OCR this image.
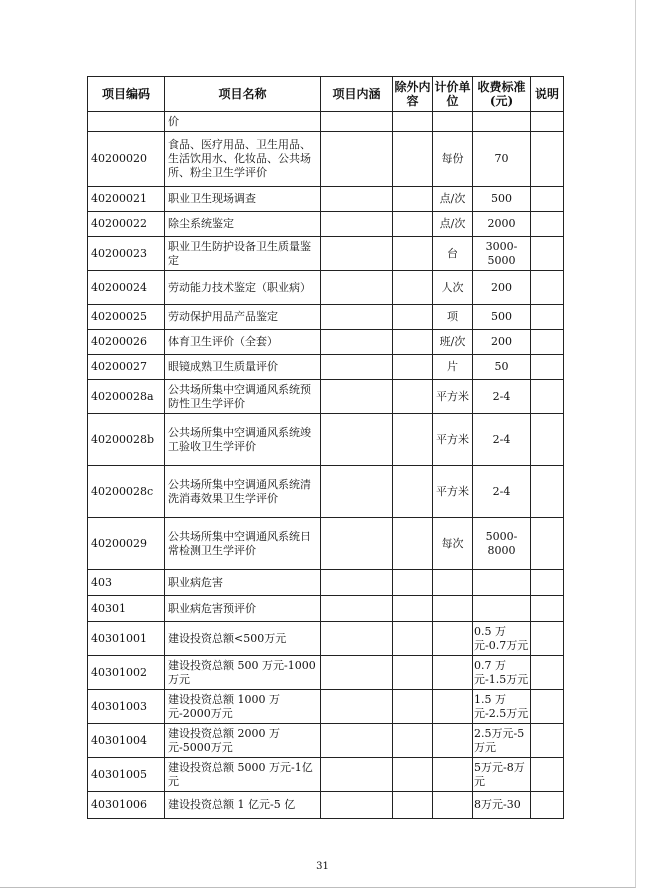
项目编码	项目名称	项目内涵	除外内容	计价单位	收费标准(元)	说明
	价					
40200020	食品、医疗用品、卫生用品、生活饮用水、化妆品、公共场所、粉尘卫生学评价			每份	70	
40200021	职业卫生现场调查			点/次	500	
40200022	除尘系统鉴定			点/次	2000	
40200023	职业卫生防护设备卫生质量鉴定			台	3000-5000	
40200024	劳动能力技术鉴定（职业病）			人次	200	
40200025	劳动保护用品产品鉴定			项	500	
40200026	体育卫生评价（全套）			班/次	200	
40200027	眼镜成熟卫生质量评价			片	50	
40200028a	公共场所集中空调通风系统预防性卫生学评价			平方米	2-4	
40200028b	公共场所集中空调通风系统竣工验收卫生学评价			平方米	2-4	
40200028c	公共场所集中空调通风系统清洗消毒效果卫生学评价			平方米	2-4	
40200029	公共场所集中空调通风系统日常检测卫生学评价			每次	5000-8000	
403	职业病危害					
40301	职业病危害预评价					
40301001	建设投资总额<500万元				0.5 万元-0.7万元	
40301002	建设投资总额 500 万元-1000万元				0.7 万元-1.5万元	
40301003	建设投资总额 1000 万元-2000万元				1.5 万元-2.5万元	
40301004	建设投资总额 2000 万元-5000万元				2.5万元-5万元	
40301005	建设投资总额 5000 万元-1亿元				5万元-8万元	
40301006	建设投资总额 1 亿元-5 亿				8万元-30	
31
